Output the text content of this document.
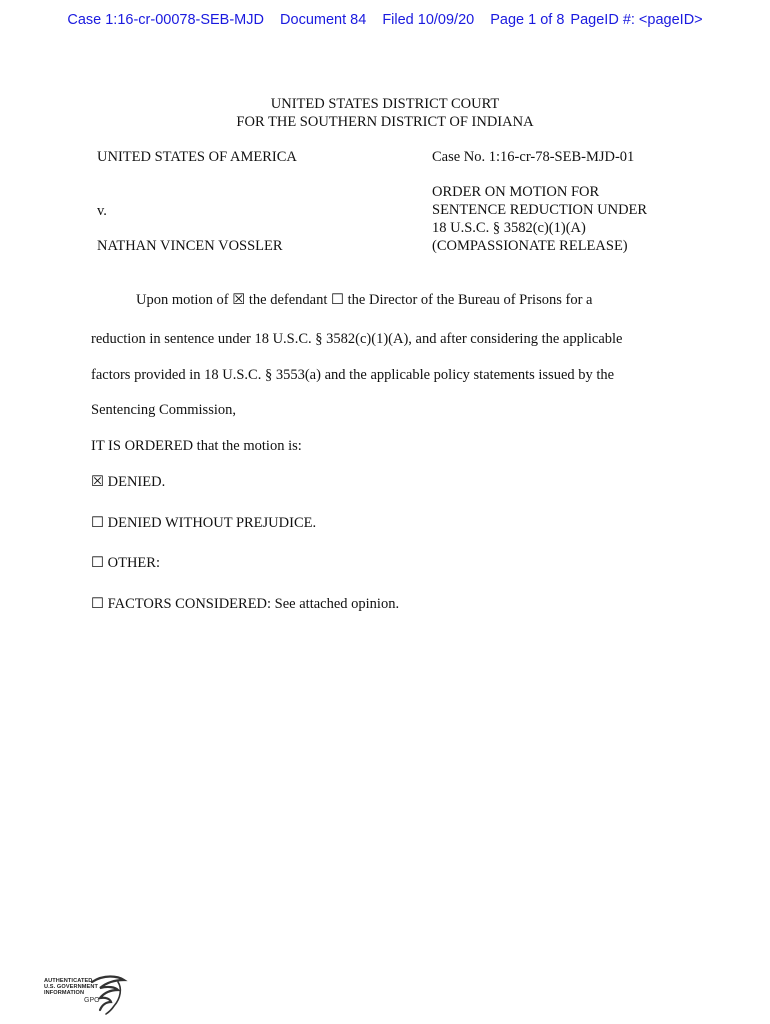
Case 1:16-cr-00078-SEB-MJD Document 84 Filed 10/09/20 Page 1 of 8 PageID #: <pageID>
UNITED STATES DISTRICT COURT
FOR THE SOUTHERN DISTRICT OF INDIANA
UNITED STATES OF AMERICA
v.
NATHAN VINCEN VOSSLER
Case No. 1:16-cr-78-SEB-MJD-01
ORDER ON MOTION FOR
SENTENCE REDUCTION UNDER
18 U.S.C. § 3582(c)(1)(A)
(COMPASSIONATE RELEASE)
Upon motion of ☒ the defendant ☐ the Director of the Bureau of Prisons for a
reduction in sentence under 18 U.S.C. § 3582(c)(1)(A), and after considering the applicable
factors provided in 18 U.S.C. § 3553(a) and the applicable policy statements issued by the
Sentencing Commission,
IT IS ORDERED that the motion is:
☒ DENIED.
☐ DENIED WITHOUT PREJUDICE.
☐ OTHER:
☐ FACTORS CONSIDERED: See attached opinion.
AUTHENTICATED
U.S. GOVERNMENT
INFORMATION
GPO
